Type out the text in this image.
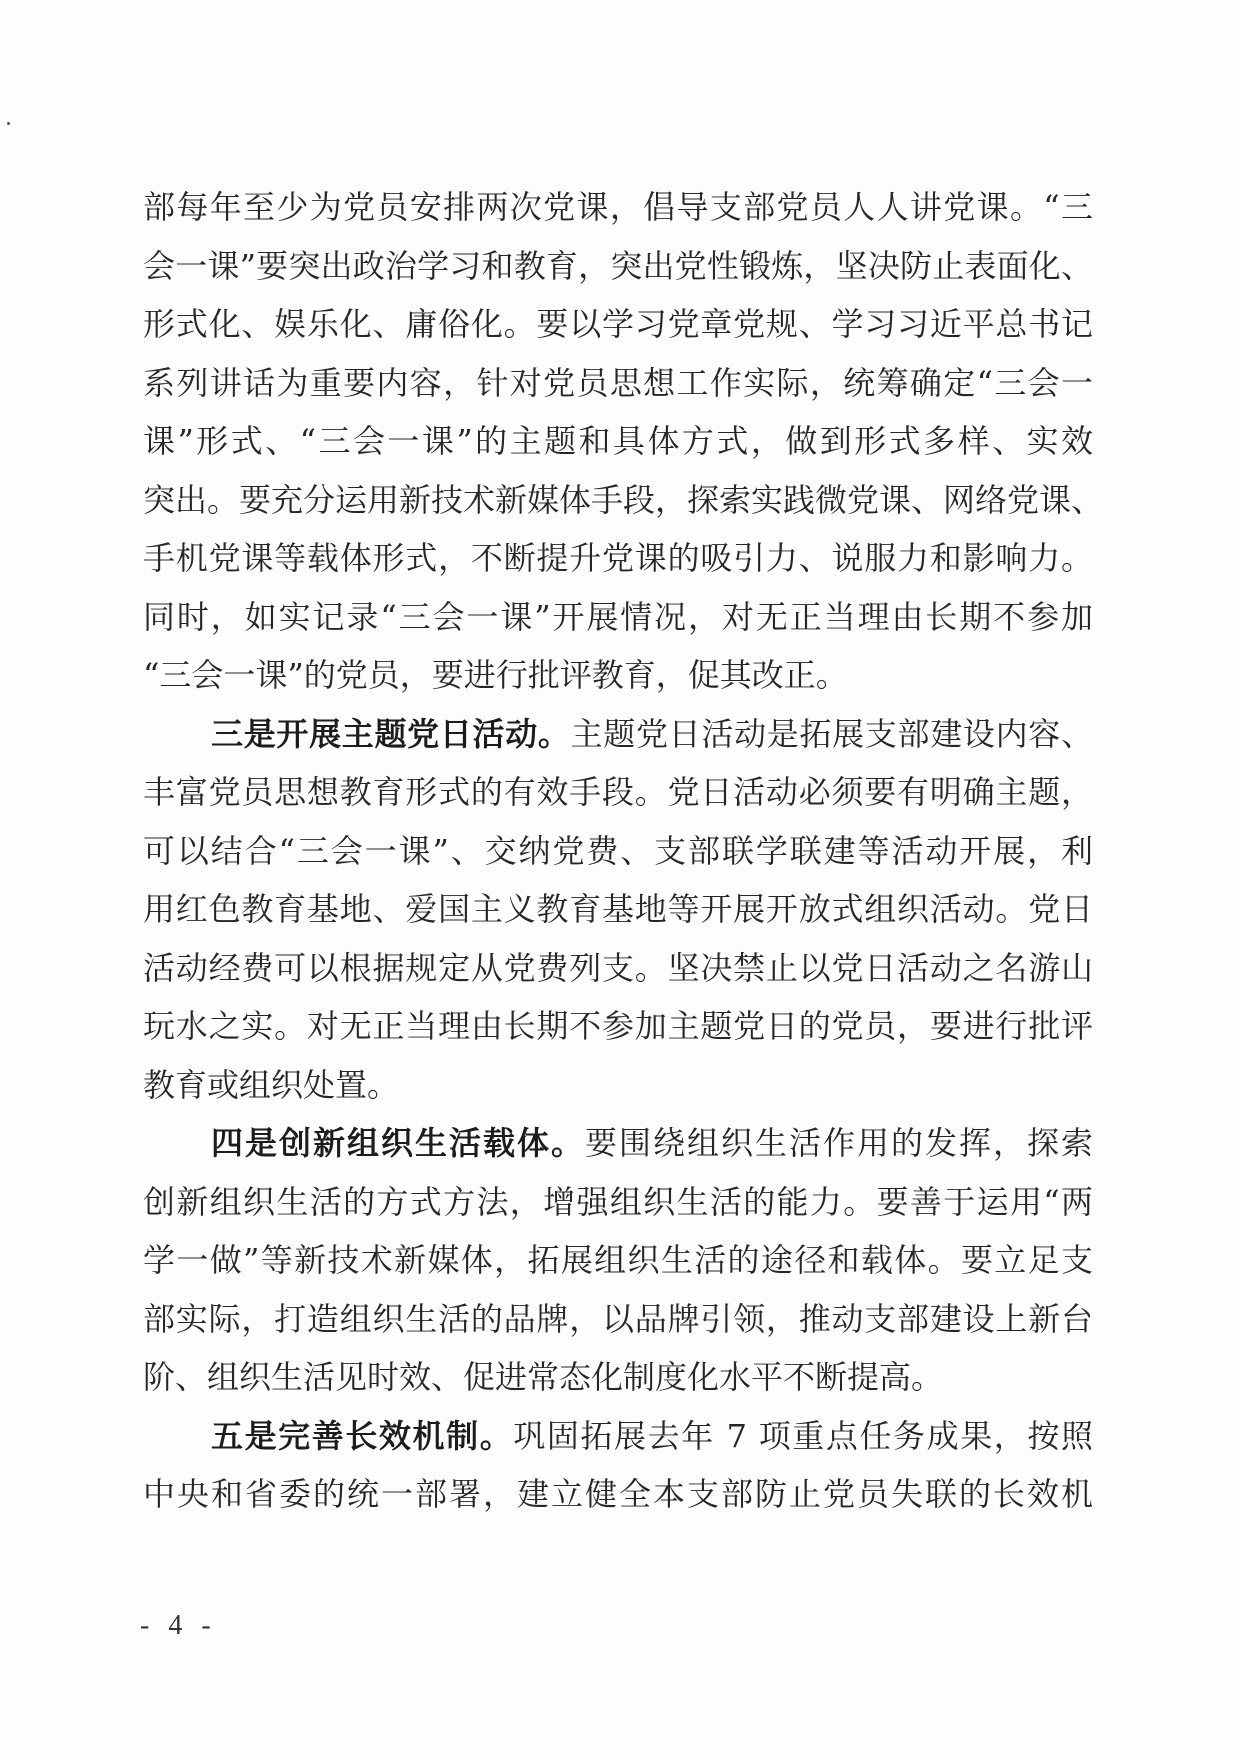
部每年至少为党员安排两次党课，倡导支部党员人人讲党课。“三
会一课”要突出政治学习和教育，突出党性锻炼，坚决防止表面化、
形式化、娱乐化、庸俗化。要以学习党章党规、学习习近平总书记
系列讲话为重要内容，针对党员思想工作实际，统筹确定“三会一
课”形式、“三会一课”的主题和具体方式，做到形式多样、实效
突出。要充分运用新技术新媒体手段，探索实践微党课、网络党课、
手机党课等载体形式，不断提升党课的吸引力、说服力和影响力。
同时，如实记录“三会一课”开展情况，对无正当理由长期不参加
“三会一课”的党员，要进行批评教育，促其改正。
三是开展主题党日活动。主题党日活动是拓展支部建设内容、
丰富党员思想教育形式的有效手段。党日活动必须要有明确主题，
可以结合“三会一课”、交纳党费、支部联学联建等活动开展，利
用红色教育基地、爱国主义教育基地等开展开放式组织活动。党日
活动经费可以根据规定从党费列支。坚决禁止以党日活动之名游山
玩水之实。对无正当理由长期不参加主题党日的党员，要进行批评
教育或组织处置。
四是创新组织生活载体。要围绕组织生活作用的发挥，探索
创新组织生活的方式方法，增强组织生活的能力。要善于运用“两
学一做”等新技术新媒体，拓展组织生活的途径和载体。要立足支
部实际，打造组织生活的品牌，以品牌引领，推动支部建设上新台
阶、组织生活见时效、促进常态化制度化水平不断提高。
五是完善长效机制。巩固拓展去年 7 项重点任务成果，按照
中央和省委的统一部署，建立健全本支部防止党员失联的长效机
- 4 -
